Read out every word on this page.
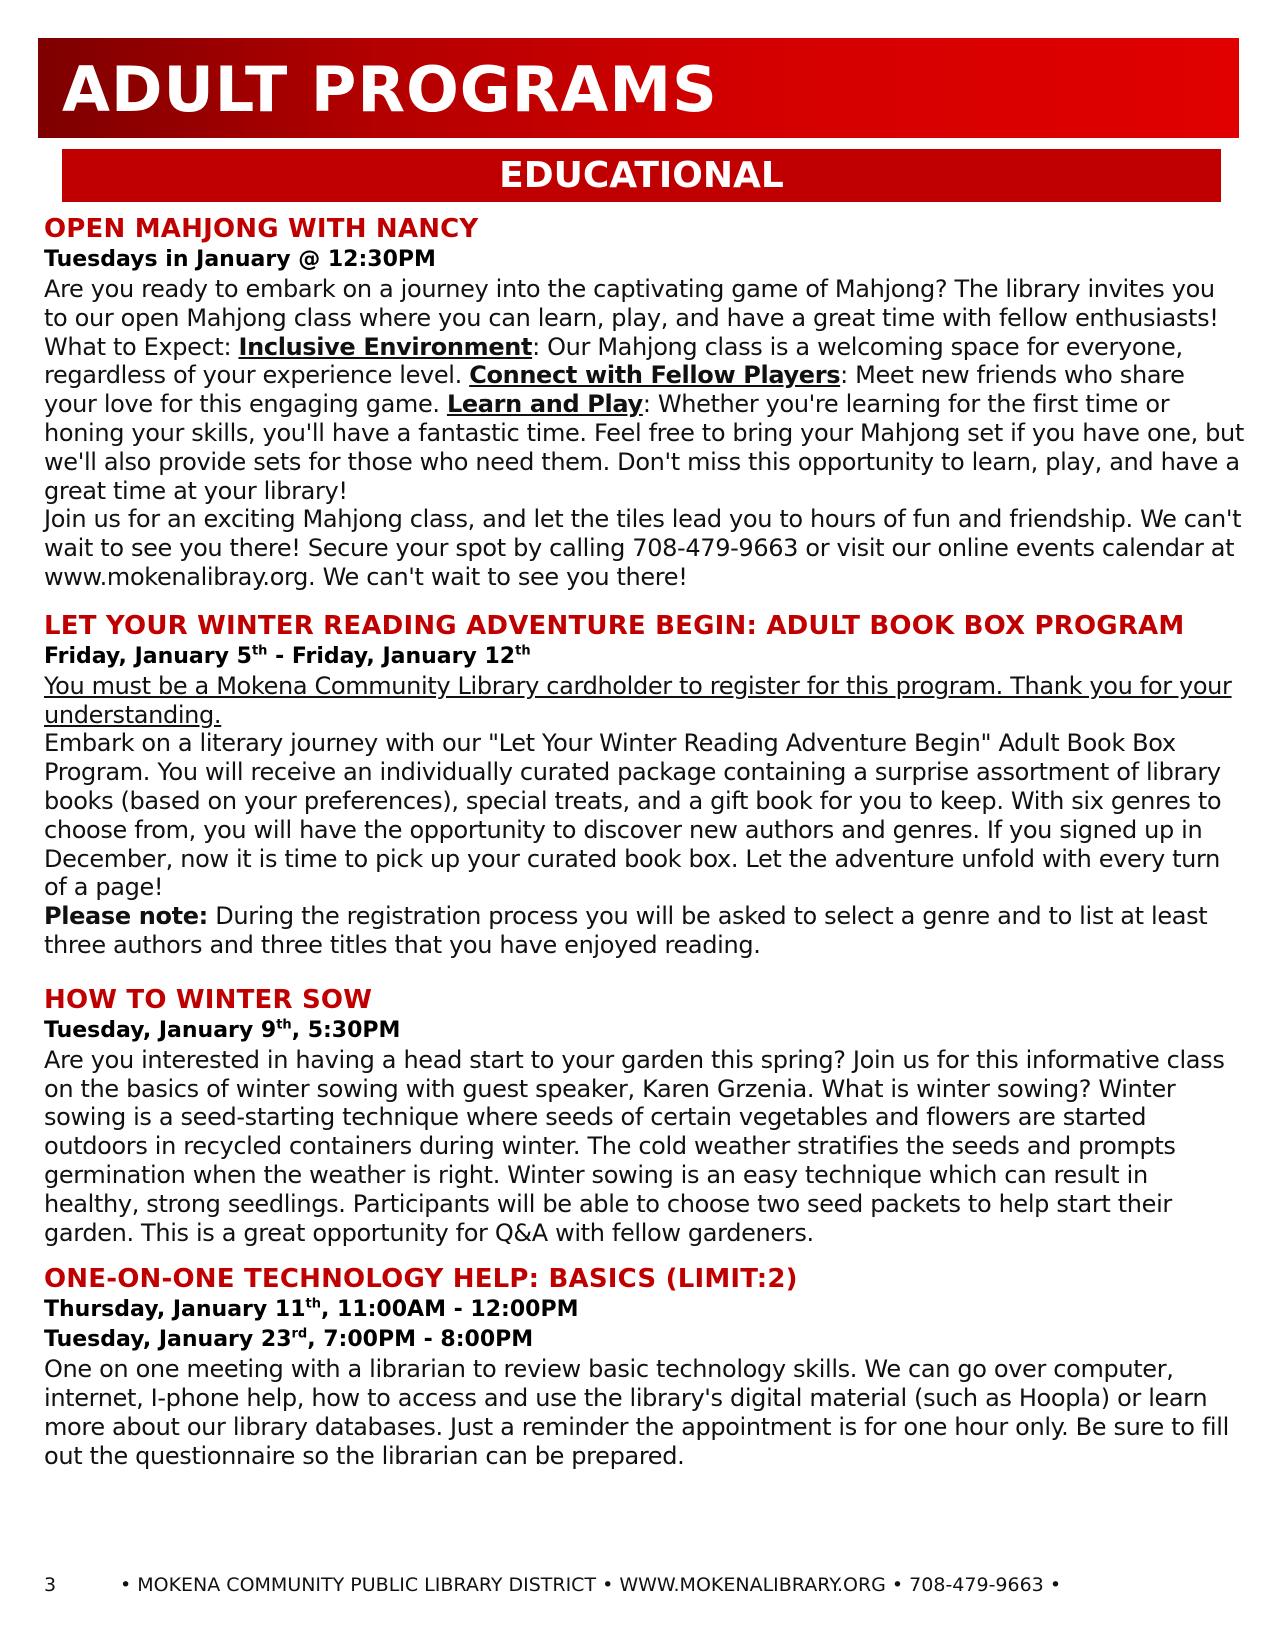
ADULT PROGRAMS
EDUCATIONAL
OPEN MAHJONG WITH NANCY

Tuesdays in January @ 12:30PM

Are you ready to embark on a journey into the captivating game of Mahjong? The library invites you to our open Mahjong class where you can learn, play, and have a great time with fellow enthusiasts! What to Expect: Inclusive Environment: Our Mahjong class is a welcoming space for everyone, regardless of your experience level. Connect with Fellow Players: Meet new friends who share your love for this engaging game. Learn and Play: Whether you're learning for the first time or honing your skills, you'll have a fantastic time. Feel free to bring your Mahjong set if you have one, but we'll also provide sets for those who need them. Don't miss this opportunity to learn, play, and have a great time at your library!

Join us for an exciting Mahjong class, and let the tiles lead you to hours of fun and friendship. We can't wait to see you there! Secure your spot by calling 708-479-9663 or visit our online events calendar at www.mokenalibray.org. We can't wait to see you there!

LET YOUR WINTER READING ADVENTURE BEGIN: ADULT BOOK BOX PROGRAM

Friday, January 5th - Friday, January 12th

You must be a Mokena Community Library cardholder to register for this program. Thank you for your understanding.

Embark on a literary journey with our "Let Your Winter Reading Adventure Begin" Adult Book Box Program. You will receive an individually curated package containing a surprise assortment of library books (based on your preferences), special treats, and a gift book for you to keep. With six genres to choose from, you will have the opportunity to discover new authors and genres. If you signed up in December, now it is time to pick up your curated book box. Let the adventure unfold with every turn of a page!

Please note: During the registration process you will be asked to select a genre and to list at least three authors and three titles that you have enjoyed reading.

HOW TO WINTER SOW

Tuesday, January 9th, 5:30PM

Are you interested in having a head start to your garden this spring? Join us for this informative class on the basics of winter sowing with guest speaker, Karen Grzenia. What is winter sowing? Winter sowing is a seed-starting technique where seeds of certain vegetables and flowers are started outdoors in recycled containers during winter. The cold weather stratifies the seeds and prompts germination when the weather is right. Winter sowing is an easy technique which can result in healthy, strong seedlings. Participants will be able to choose two seed packets to help start their garden. This is a great opportunity for Q&A with fellow gardeners.

ONE-ON-ONE TECHNOLOGY HELP: BASICS (LIMIT:2)

Thursday, January 11th, 11:00AM - 12:00PM

Tuesday, January 23rd, 7:00PM - 8:00PM

One on one meeting with a librarian to review basic technology skills. We can go over computer, internet, I-phone help, how to access and use the library's digital material (such as Hoopla) or learn more about our library databases. Just a reminder the appointment is for one hour only. Be sure to fill out the questionnaire so the librarian can be prepared.

3	• MOKENA COMMUNITY PUBLIC LIBRARY DISTRICT • WWW.MOKENALIBRARY.ORG • 708-479-9663 •
